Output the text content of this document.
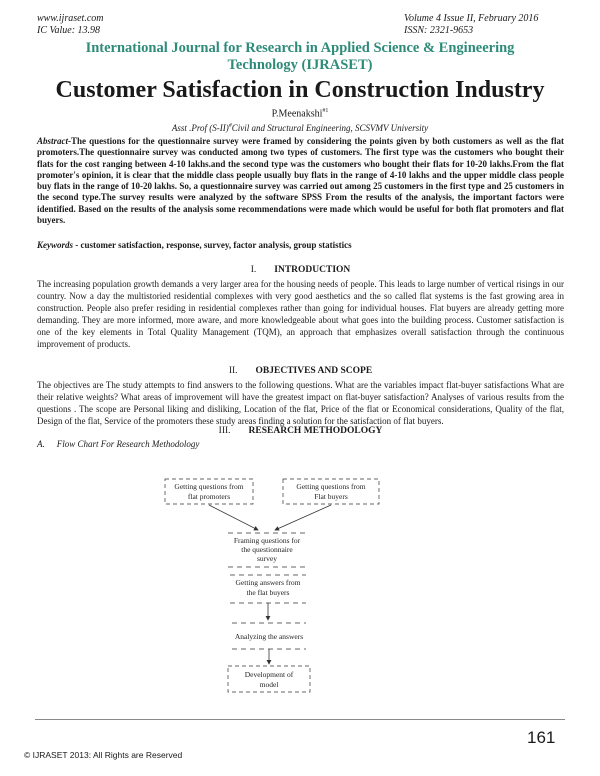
www.ijraset.com
IC Value: 13.98
Volume 4 Issue II, February 2016
ISSN: 2321-9653
International Journal for Research in Applied Science & Engineering
Technology (IJRASET)
Customer Satisfaction in Construction Industry
P.Meenakshi$^{\#1}$
Asst .Prof (S-II)#Civil and Structural Engineering, SCSVMV University
Abstract-The questions for the questionnaire survey were framed by considering the points given by both customers as well as the flat promoters.The questionnaire survey was conducted among two types of customers. The first type was the customers who bought their flats for the cost ranging between 4-10 lakhs.and the second type was the customers who bought their flats for 10-20 lakhs.From the flat promoter's opinion, it is clear that the middle class people usually buy flats in the range of 4-10 lakhs and the upper middle class people buy flats in the range of 10-20 lakhs. So, a questionnaire survey was carried out among 25 customers in the first type and 25 customers in the second type.The survey results were analyzed by the software SPSS From the results of the analysis, the important factors were identified. Based on the results of the analysis some recommendations were made which would be useful for both flat promoters and flat buyers.
Keywords - customer satisfaction, response, survey, factor analysis, group statistics
I. INTRODUCTION
The increasing population growth demands a very larger area for the housing needs of people. This leads to large number of vertical risings in our country. Now a day the multistoried residential complexes with very good aesthetics and the so called flat systems is the fast growing area in construction. People also prefer residing in residential complexes rather than going for individual houses. Flat buyers are already getting more demanding. They are more informed, more aware, and more knowledgeable about what goes into the building process. Customer satisfaction is one of the key elements in Total Quality Management (TQM), an approach that emphasizes overall satisfaction through the continuous improvement of products.
II. OBJECTIVES AND SCOPE
The objectives are The study attempts to find answers to the following questions. What are the variables impact flat-buyer satisfactions What are their relative weights? What areas of improvement will have the greatest impact on flat-buyer satisfaction? Analyses of various results from the questions . The scope are Personal liking and disliking, Location of the flat, Price of the flat or Economical considerations, Quality of the flat, Design of the flat, Service of the promoters these study areas finding a solution for the satisfaction of flat buyers.
III. RESEARCH METHODOLOGY
A. Flow Chart For Research Methodology
Getting questions from
flat promoters
Getting questions from
Flat buyers
Framing questions for
the questionnaire
survey
Getting answers from
the flat buyers
Analyzing the answers
Development of
model
161
© IJRASET 2013: All Rights are Reserved
